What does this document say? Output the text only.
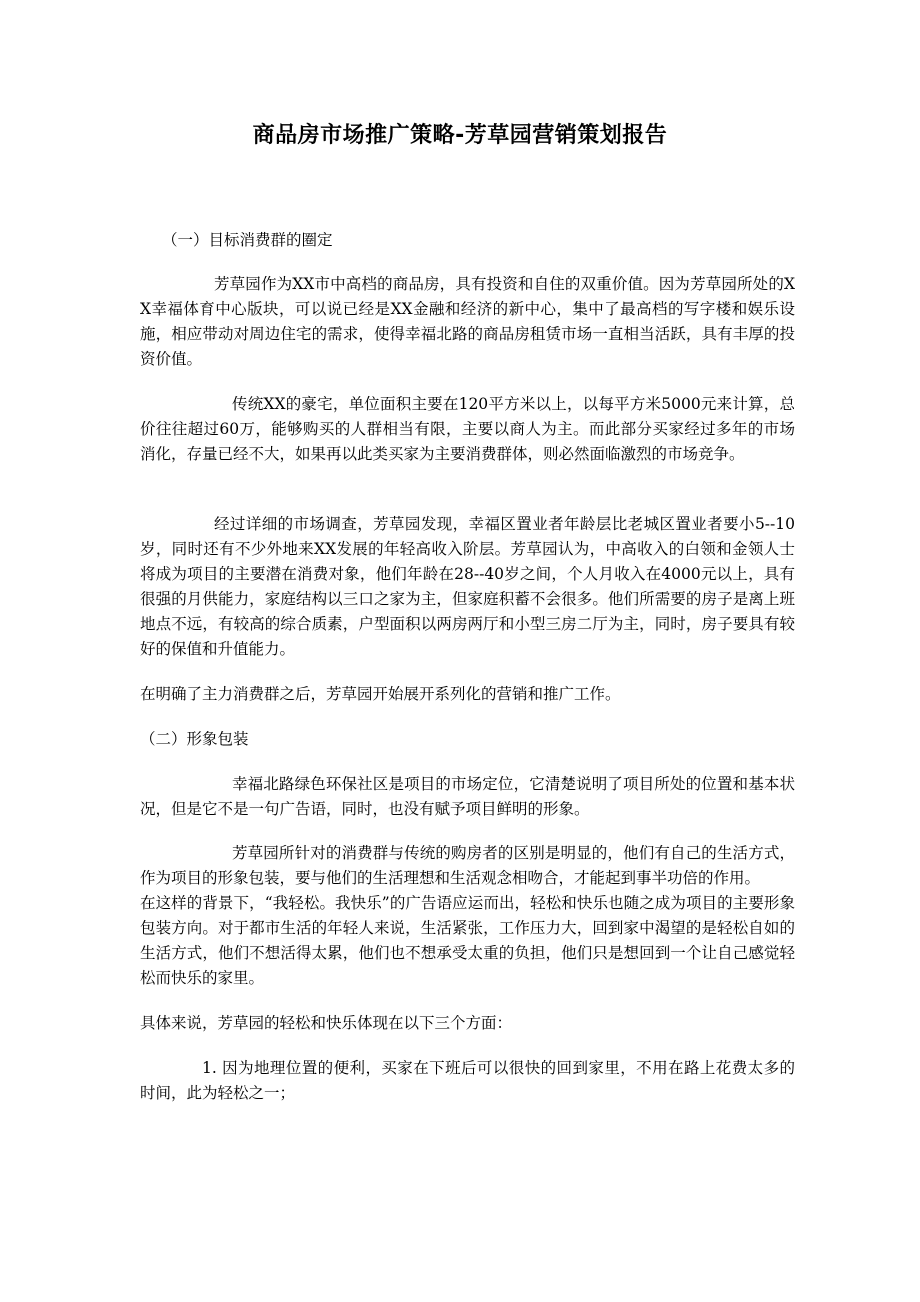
商品房市场推广策略-芳草园营销策划报告

（一）目标消费群的圈定

芳草园作为XX市中高档的商品房，具有投资和自住的双重价值。因为芳草园所处的XX幸福体育中心版块，可以说已经是XX金融和经济的新中心，集中了最高档的写字楼和娱乐设施，相应带动对周边住宅的需求，使得幸福北路的商品房租赁市场一直相当活跃，具有丰厚的投资价值。

传统XX的豪宅，单位面积主要在120平方米以上，以每平方米5000元来计算，总价往往超过60万，能够购买的人群相当有限，主要以商人为主。而此部分买家经过多年的市场消化，存量已经不大，如果再以此类买家为主要消费群体，则必然面临激烈的市场竞争。

经过详细的市场调查，芳草园发现，幸福区置业者年龄层比老城区置业者要小5--10岁，同时还有不少外地来XX发展的年轻高收入阶层。芳草园认为，中高收入的白领和金领人士将成为项目的主要潜在消费对象，他们年龄在28--40岁之间，个人月收入在4000元以上，具有很强的月供能力，家庭结构以三口之家为主，但家庭积蓄不会很多。他们所需要的房子是离上班地点不远，有较高的综合质素，户型面积以两房两厅和小型三房二厅为主，同时，房子要具有较好的保值和升值能力。

在明确了主力消费群之后，芳草园开始展开系列化的营销和推广工作。

（二）形象包装

幸福北路绿色环保社区是项目的市场定位，它清楚说明了项目所处的位置和基本状况，但是它不是一句广告语，同时，也没有赋予项目鲜明的形象。

芳草园所针对的消费群与传统的购房者的区别是明显的，他们有自己的生活方式，作为项目的形象包装，要与他们的生活理想和生活观念相吻合，才能起到事半功倍的作用。

在这样的背景下，“我轻松。我快乐”的广告语应运而出，轻松和快乐也随之成为项目的主要形象包装方向。对于都市生活的年轻人来说，生活紧张，工作压力大，回到家中渴望的是轻松自如的生活方式，他们不想活得太累，他们也不想承受太重的负担，他们只是想回到一个让自己感觉轻松而快乐的家里。

具体来说，芳草园的轻松和快乐体现在以下三个方面：

1. 因为地理位置的便利，买家在下班后可以很快的回到家里，不用在路上花费太多的时间，此为轻松之一；
